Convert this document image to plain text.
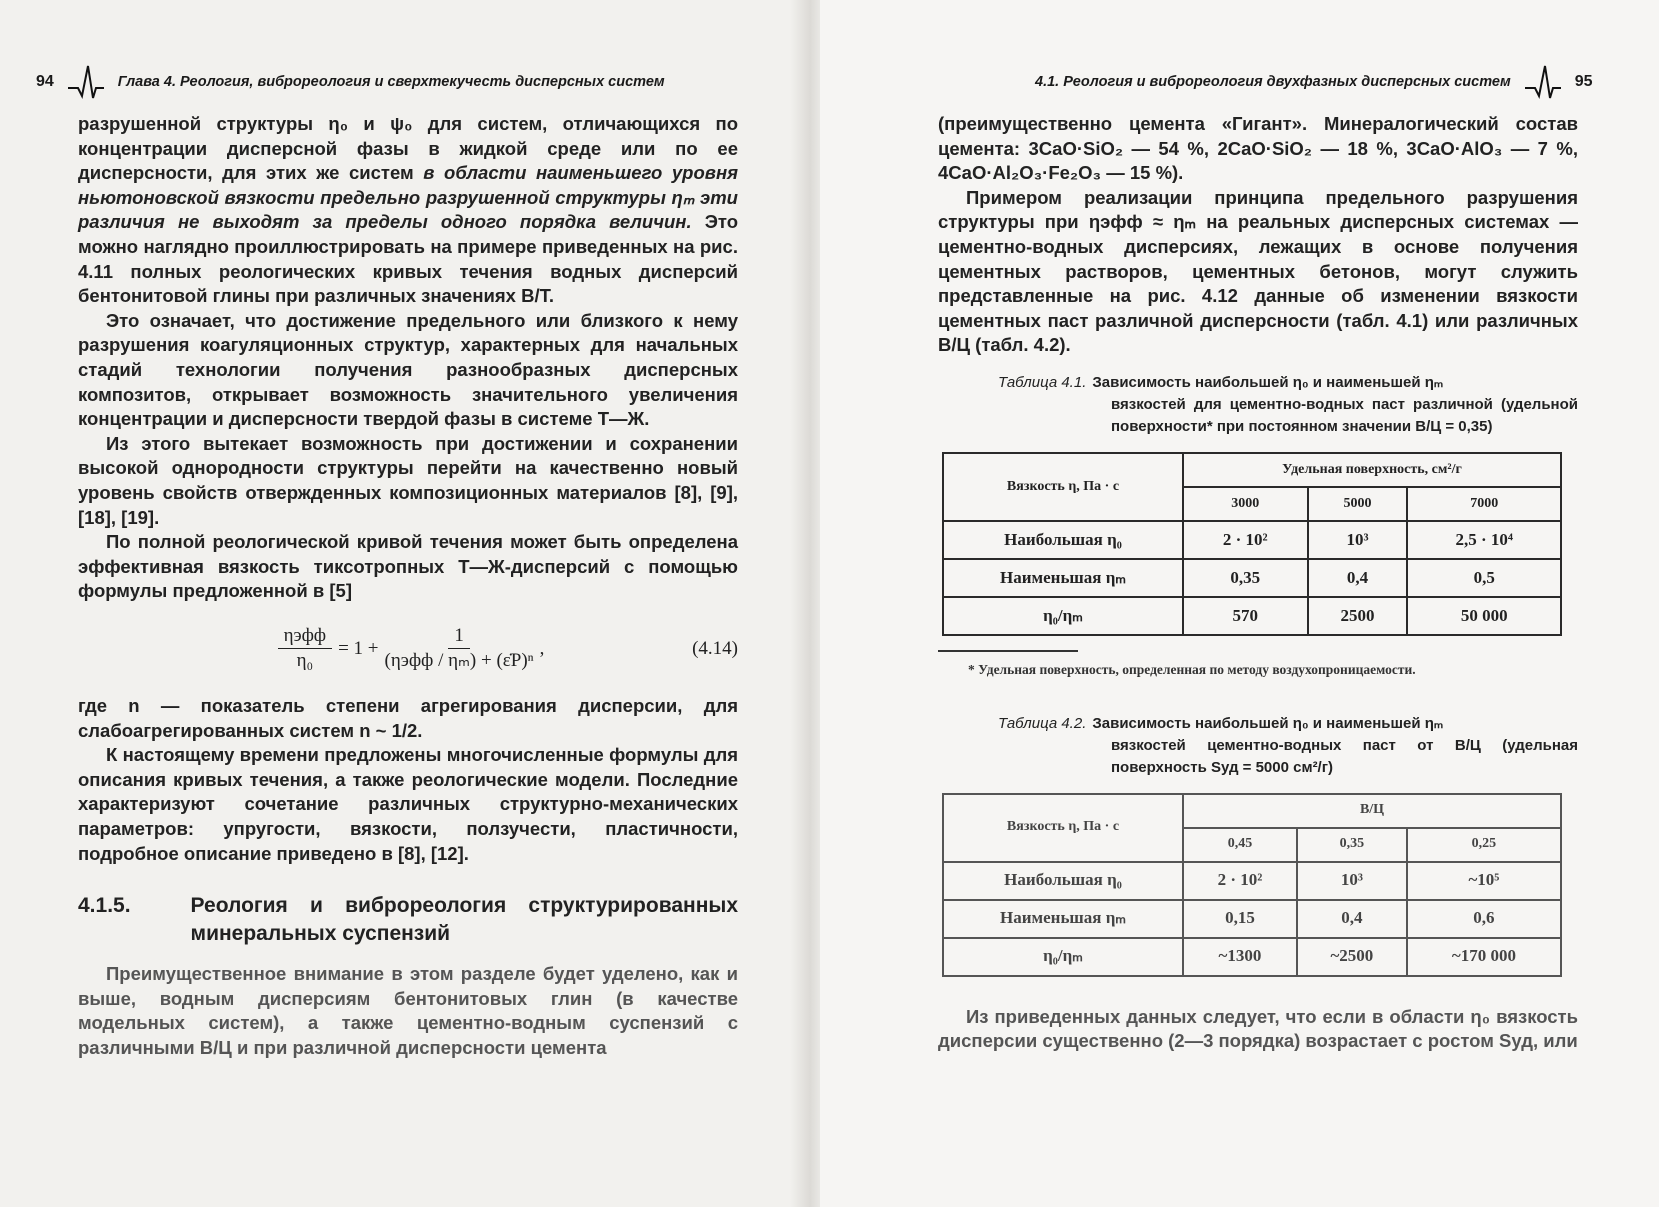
94	Глава 4. Реология, виброреология и сверхтекучесть дисперсных систем

разрушенной структуры η₀ и ψ₀ для систем, отличающихся по концентрации дисперсной фазы в жидкой среде или по ее дисперсности, для этих же систем в области наименьшего уровня ньютоновской вязкости предельно разрушенной структуры ηₘ эти различия не выходят за пределы одного порядка величин. Это можно наглядно проиллюстрировать на примере приведенных на рис. 4.11 полных реологических кривых течения водных дисперсий бентонитовой глины при различных значениях В/Т.

Это означает, что достижение предельного или близкого к нему разрушения коагуляционных структур, характерных для начальных стадий технологии получения разнообразных дисперсных композитов, открывает возможность значительного увеличения концентрации и дисперсности твердой фазы в системе Т—Ж.

Из этого вытекает возможность при достижении и сохранении высокой однородности структуры перейти на качественно новый уровень свойств отвержденных композиционных материалов [8], [9], [18], [19].

По полной реологической кривой течения может быть определена эффективная вязкость тиксотропных Т—Ж-дисперсий с помощью формулы предложенной в [5]

$\frac{\text{ηэфф}}{\text{η₀}} = 1 + \frac{1}{\text{(ηэфф / ηₘ) + (ε̇P)ⁿ}}$ ,	(4.14)

где n — показатель степени агрегирования дисперсии, для слабоагрегированных систем n ~ 1/2.

К настоящему времени предложены многочисленные формулы для описания кривых течения, а также реологические модели. Последние характеризуют сочетание различных структурно-механических параметров: упругости, вязкости, ползучести, пластичности, подробное описание приведено в [8], [12].

4.1.5.	Реология и виброреология структурированных минеральных суспензий

Преимущественное внимание в этом разделе будет уделено, как и выше, водным дисперсиям бентонитовых глин (в качестве модельных систем), а также цементно-водным суспензий с различными В/Ц и при различной дисперсности цемента

4.1. Реология и виброреология двухфазных дисперсных систем	95

(преимущественно цемента «Гигант». Минералогический состав цемента: 3CaO·SiO₂ — 54 %, 2CaO·SiO₂ — 18 %, 3CaO·AlO₃ — 7 %, 4CaO·Al₂O₃·Fe₂O₃ — 15 %).

Примером реализации принципа предельного разрушения структуры при ηэфф ≈ ηₘ на реальных дисперсных системах — цементно-водных дисперсиях, лежащих в основе получения цементных растворов, цементных бетонов, могут служить представленные на рис. 4.12 данные об изменении вязкости цементных паст различной дисперсности (табл. 4.1) или различных В/Ц (табл. 4.2).

Таблица 4.1. Зависимость наибольшей η₀ и наименьшей ηₘ
вязкостей для цементно-водных паст различной (удельной поверхности* при постоянном значении В/Ц = 0,35)
Вязкость η, Па · с	Удельная поверхность, см²/г		
	3000	5000	7000
Наибольшая η₀	2 · 10²	10³	2,5 · 10⁴
Наименьшая ηₘ	0,35	0,4	0,5
η₀/ηₘ	570	2500	50 000
* Удельная поверхность, определенная по методу воздухопроницаемости.
Таблица 4.2. Зависимость наибольшей η₀ и наименьшей ηₘ
вязкостей цементно-водных паст от В/Ц (удельная поверхность Sуд = 5000 см²/г)
Вязкость η, Па · с	В/Ц		
	0,45	0,35	0,25
Наибольшая η₀	2 · 10²	10³	~10⁵
Наименьшая ηₘ	0,15	0,4	0,6
η₀/ηₘ	~1300	~2500	~170 000

Из приведенных данных следует, что если в области η₀ вязкость дисперсии существенно (2—3 порядка) возрастает с ростом Sуд, или
